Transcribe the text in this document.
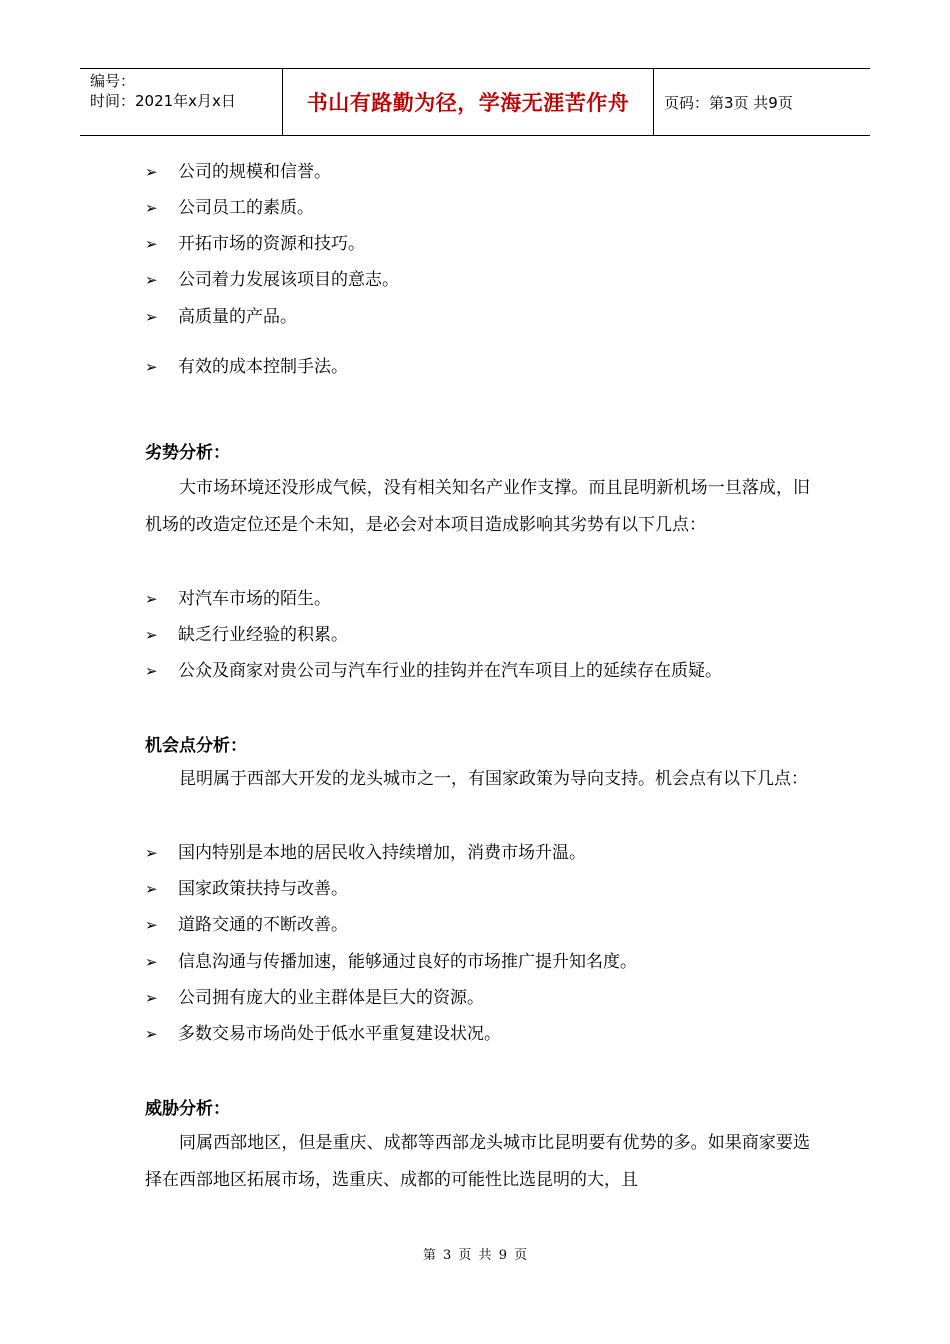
编号：
时间：2021年x月x日	书山有路勤为径，学海无涯苦作舟 页码：第3页 共9页
➢	公司的规模和信誉。
➢	公司员工的素质。
➢	开拓市场的资源和技巧。
➢	公司着力发展该项目的意志。
➢	高质量的产品。
➢	有效的成本控制手法。
劣势分析：
大市场环境还没形成气候，没有相关知名产业作支撑。而且昆明新机场一旦落成，旧机场的改造定位还是个未知，是必会对本项目造成影响其劣势有以下几点：
➢	对汽车市场的陌生。
➢	缺乏行业经验的积累。
➢	公众及商家对贵公司与汽车行业的挂钩并在汽车项目上的延续存在质疑。
机会点分析：
昆明属于西部大开发的龙头城市之一，有国家政策为导向支持。机会点有以下几点：
➢	国内特别是本地的居民收入持续增加，消费市场升温。
➢	国家政策扶持与改善。
➢	道路交通的不断改善。
➢	信息沟通与传播加速，能够通过良好的市场推广提升知名度。
➢	公司拥有庞大的业主群体是巨大的资源。
➢	多数交易市场尚处于低水平重复建设状况。
威胁分析：
同属西部地区，但是重庆、成都等西部龙头城市比昆明要有优势的多。如果商家要选择在西部地区拓展市场，选重庆、成都的可能性比选昆明的大，且
第 3 页 共 9 页
